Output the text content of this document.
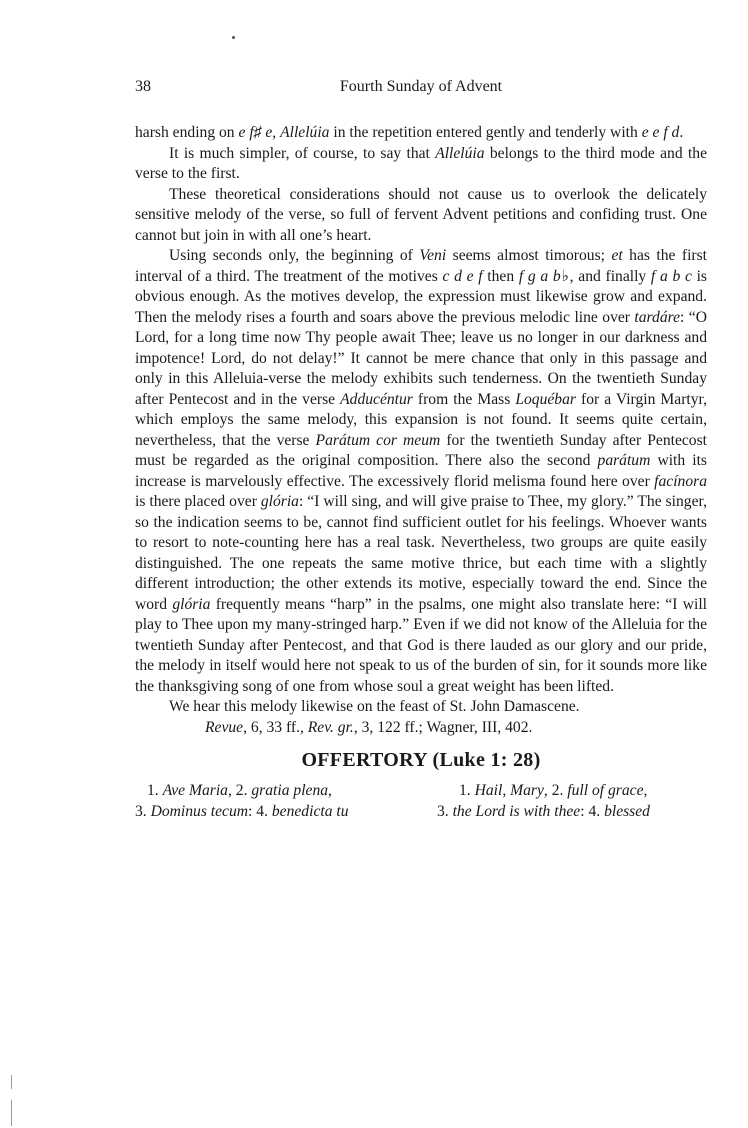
38	Fourth Sunday of Advent

harsh ending on e f♯ e, Allelúia in the repetition entered gently and tenderly with e e f d.

It is much simpler, of course, to say that Allelúia belongs to the third mode and the verse to the first.

These theoretical considerations should not cause us to overlook the delicately sensitive melody of the verse, so full of fervent Advent petitions and confiding trust. One cannot but join in with all one’s heart.

Using seconds only, the beginning of Veni seems almost timorous; et has the first interval of a third. The treatment of the motives c d e f then f g a b♭, and finally f a b c is obvious enough. As the motives develop, the expression must likewise grow and expand. Then the melody rises a fourth and soars above the previous melodic line over tardáre: “O Lord, for a long time now Thy people await Thee; leave us no longer in our darkness and impotence! Lord, do not delay!” It cannot be mere chance that only in this passage and only in this Alleluia-verse the melody exhibits such tenderness. On the twentieth Sunday after Pentecost and in the verse Adducéntur from the Mass Loquébar for a Virgin Martyr, which employs the same melody, this expansion is not found. It seems quite certain, nevertheless, that the verse Parátum cor meum for the twentieth Sunday after Pentecost must be regarded as the original composition. There also the second parátum with its increase is marvelously effective. The excessively florid melisma found here over facínora is there placed over glória: “I will sing, and will give praise to Thee, my glory.” The singer, so the indication seems to be, cannot find sufficient outlet for his feelings. Whoever wants to resort to note-counting here has a real task. Nevertheless, two groups are quite easily distinguished. The one repeats the same motive thrice, but each time with a slightly different introduction; the other extends its motive, especially toward the end. Since the word glória frequently means “harp” in the psalms, one might also translate here: “I will play to Thee upon my many-stringed harp.” Even if we did not know of the Alleluia for the twentieth Sunday after Pentecost, and that God is there lauded as our glory and our pride, the melody in itself would here not speak to us of the burden of sin, for it sounds more like the thanksgiving song of one from whose soul a great weight has been lifted.

We hear this melody likewise on the feast of St. John Damascene.

Revue, 6, 33 ff., Rev. gr., 3, 122 ff.; Wagner, III, 402.

OFFERTORY (Luke 1: 28)
1. Ave Maria, 2. gratia plena,
3. Dominus tecum: 4. benedicta tu
1. Hail, Mary, 2. full of grace,
3. the Lord is with thee: 4. blessed
